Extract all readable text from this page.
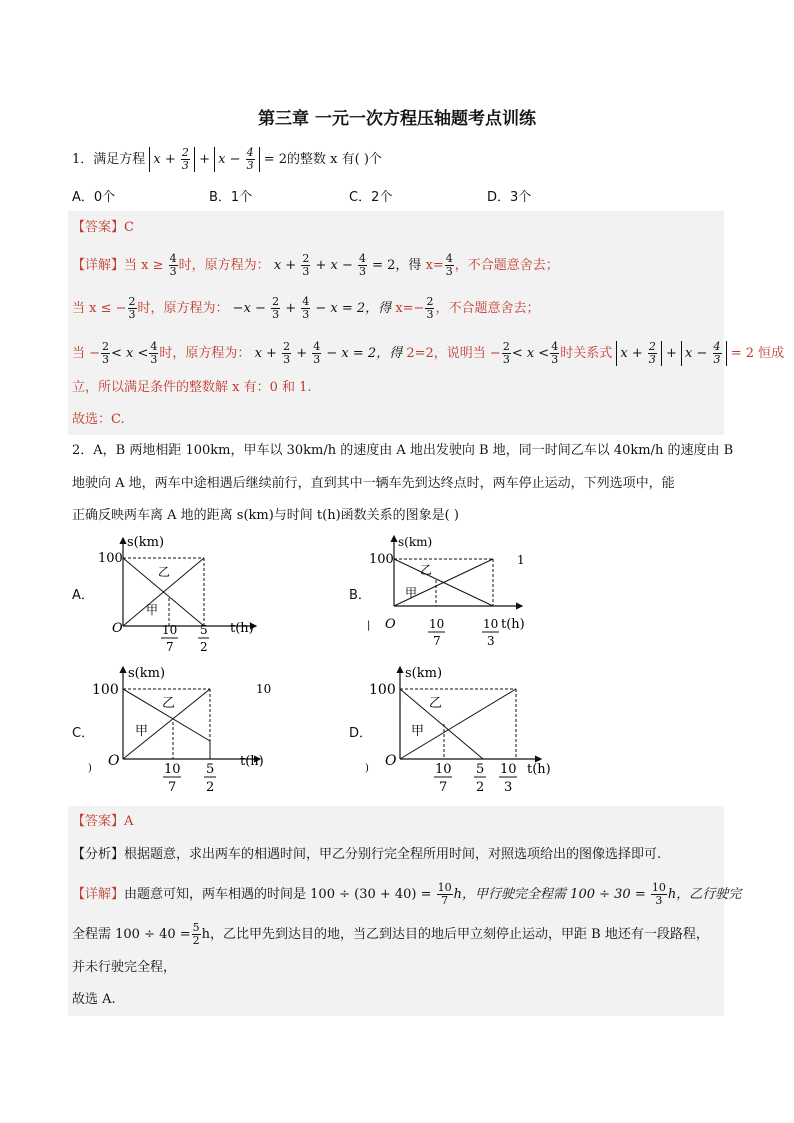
第三章 一元一次方程压轴题考点训练
1．满足方程 $x + \frac{2}{3} + x - \frac{4}{3} = 2$的整数 x 有( )个
A．0个	B．1个	C．2个	D．3个
【答案】C
【详解】当 $x \ge \frac{4}{3}$ 时，原方程为： $x + \frac{2}{3} + x - \frac{4}{3} = 2$，得 $x= \frac{4}{3}$ ，不合题意舍去；
当 x ≤ − $\frac{2}{3}$ 时，原方程为： $-x - \frac{2}{3} + \frac{4}{3} - x = 2$，得 $x=- \frac{2}{3}$ ，不合题意舍去；
当 − $\frac{2}{3} < x < \frac{4}{3}$ 时，原方程为： $x + \frac{2}{3} + \frac{4}{3} - x = 2$，得 2=2，说明当 − $\frac{2}{3} < x < \frac{4}{3}$ 时关系式 $x + \frac{2}{3} + x - \frac{4}{3} = 2$ 恒成
立，所以满足条件的整数解 x 有：0 和 1.
故选：C.
2．A，B 两地相距 100km，甲车以 30km/h 的速度由 A 地出发驶向 B 地，同一时间乙车以 40km/h 的速度由 B
地驶向 A 地，两车中途相遇后继续前行，直到其中一辆车先到达终点时，两车停止运动，下列选项中，能
正确反映两车离 A 地的距离 s(km)与时间 t(h)函数关系的图象是( )
A．	B．
C．	D．
100
s(km)
O	t(h)
乙
甲
10
7
5
2
100
s(km)
O
|	t(h)
1
乙
甲
10
7
10
3
100
s(km)
O
)	t(h)
10
乙
甲
10
7
5
2
100
s(km)
O
)	t(h)
乙
甲
10
7
5
2
10
3
【答案】A
【分析】根据题意，求出两车的相遇时间，甲乙分别行完全程所用时间，对照选项给出的图像选择即可.
【详解】由题意可知，两车相遇的时间是 $100 \div (30 + 40) = \frac{10}{7}$ h，甲行驶完全程需 $100 \div 30 = \frac{10}{3}$ h，乙行驶完
全程需 $100 \div 40 = \frac{5}{2}$ h，乙比甲先到达目的地，当乙到达目的地后甲立刻停止运动，甲距 B 地还有一段路程，
并未行驶完全程，
故选 A.
